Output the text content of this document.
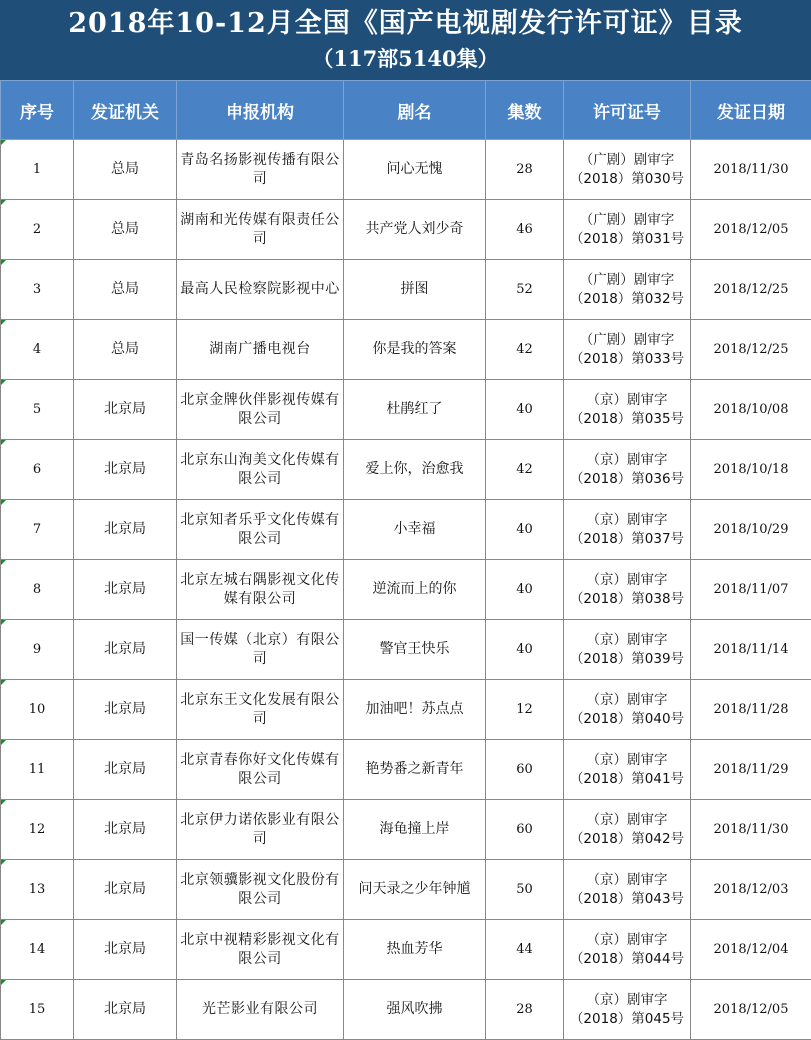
2018年10-12月全国《国产电视剧发行许可证》目录
（117部5140集）
序号	发证机关	申报机构	剧名	集数	许可证号	发证日期

1	总局	青岛名扬影视传播有限公司	问心无愧	28	（广剧）剧审字
（2018）第030号	2018/11/30

2	总局	湖南和光传媒有限责任公司	共产党人刘少奇	46	（广剧）剧审字
（2018）第031号	2018/12/05

3	总局	最高人民检察院影视中心	拼图	52	（广剧）剧审字
（2018）第032号	2018/12/25

4	总局	湖南广播电视台	你是我的答案	42	（广剧）剧审字
（2018）第033号	2018/12/25

5	北京局	北京金牌伙伴影视传媒有限公司	杜鹃红了	40	（京）剧审字
（2018）第035号	2018/10/08

6	北京局	北京东山洵美文化传媒有限公司	爱上你，治愈我	42	（京）剧审字
（2018）第036号	2018/10/18

7	北京局	北京知者乐乎文化传媒有限公司	小幸福	40	（京）剧审字
（2018）第037号	2018/10/29

8	北京局	北京左城右隅影视文化传媒有限公司	逆流而上的你	40	（京）剧审字
（2018）第038号	2018/11/07

9	北京局	国一传媒（北京）有限公司	警官王快乐	40	（京）剧审字
（2018）第039号	2018/11/14

10	北京局	北京东王文化发展有限公司	加油吧！苏点点	12	（京）剧审字
（2018）第040号	2018/11/28

11	北京局	北京青春你好文化传媒有限公司	艳势番之新青年	60	（京）剧审字
（2018）第041号	2018/11/29

12	北京局	北京伊力诺依影业有限公司	海龟撞上岸	60	（京）剧审字
（2018）第042号	2018/11/30

13	北京局	北京领骥影视文化股份有限公司	问天录之少年钟馗	50	（京）剧审字
（2018）第043号	2018/12/03

14	北京局	北京中视精彩影视文化有限公司	热血芳华	44	（京）剧审字
（2018）第044号	2018/12/04

15	北京局	光芒影业有限公司	强风吹拂	28	（京）剧审字
（2018）第045号	2018/12/05
